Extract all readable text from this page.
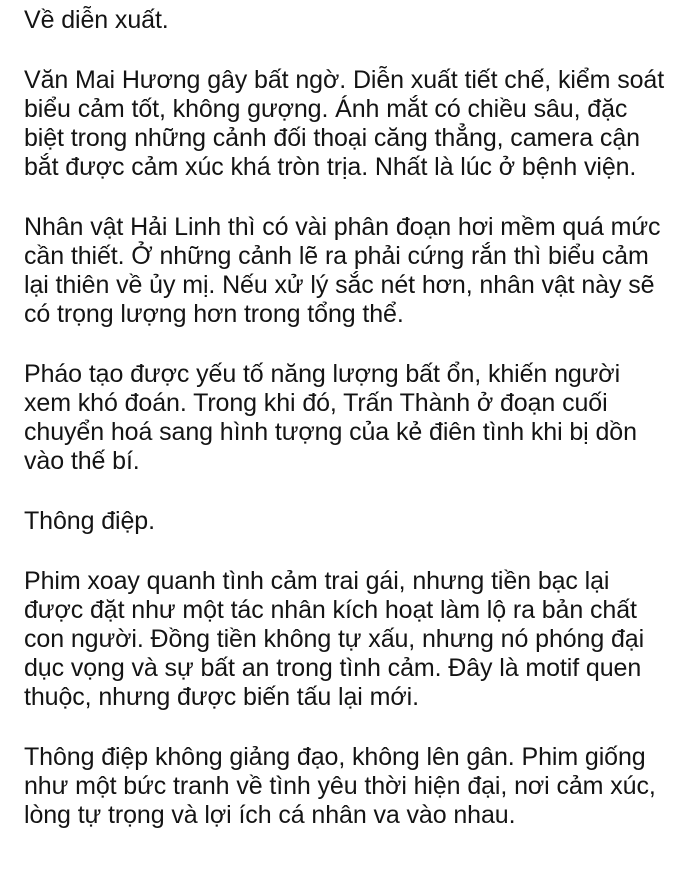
Về diễn xuất.

Văn Mai Hương gây bất ngờ. Diễn xuất tiết chế, kiểm soát

biểu cảm tốt, không gượng. Ánh mắt có chiều sâu, đặc

biệt trong những cảnh đối thoại căng thẳng, camera cận

bắt được cảm xúc khá tròn trịa. Nhất là lúc ở bệnh viện.

Nhân vật Hải Linh thì có vài phân đoạn hơi mềm quá mức

cần thiết. Ở những cảnh lẽ ra phải cứng rắn thì biểu cảm

lại thiên về ủy mị. Nếu xử lý sắc nét hơn, nhân vật này sẽ

có trọng lượng hơn trong tổng thể.

Pháo tạo được yếu tố năng lượng bất ổn, khiến người

xem khó đoán. Trong khi đó, Trấn Thành ở đoạn cuối

chuyển hoá sang hình tượng của kẻ điên tình khi bị dồn

vào thế bí.

Thông điệp.

Phim xoay quanh tình cảm trai gái, nhưng tiền bạc lại

được đặt như một tác nhân kích hoạt làm lộ ra bản chất

con người. Đồng tiền không tự xấu, nhưng nó phóng đại

dục vọng và sự bất an trong tình cảm. Đây là motif quen

thuộc, nhưng được biến tấu lại mới.

Thông điệp không giảng đạo, không lên gân. Phim giống

như một bức tranh về tình yêu thời hiện đại, nơi cảm xúc,

lòng tự trọng và lợi ích cá nhân va vào nhau.
